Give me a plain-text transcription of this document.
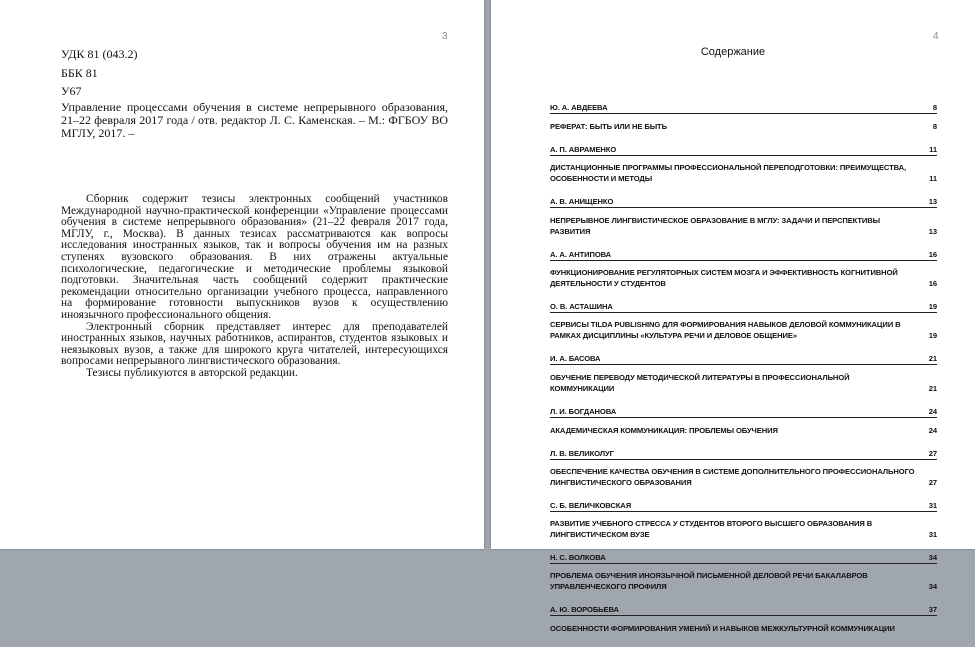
3
УДК 81 (043.2)
ББК 81
У67
Управление процессами обучения в системе непрерывного образования, 21–22 февраля 2017 года / отв. редактор Л. С. Каменская. – М.: ФГБОУ ВО МГЛУ, 2017. –

Сборник содержит тезисы электронных сообщений участников Международной научно-практической конференции «Управление процессами обучения в системе непрерывного образования» (21–22 февраля 2017 года, МГЛУ, г., Москва). В данных тезисах рассматриваются как вопросы исследования иностранных языков, так и вопросы обучения им на разных ступенях вузовского образования. В них отражены актуальные психологические, педагогические и методические проблемы языковой подготовки. Значительная часть сообщений содержит практические рекомендации относительно организации учебного процесса, направленного на формирование готовности выпускников вузов к осуществлению иноязычного профессионального общения.

Электронный сборник представляет интерес для преподавателей иностранных языков, научных работников, аспирантов, студентов языковых и неязыковых вузов, а также для широкого круга читателей, интересующихся вопросами непрерывного лингвистического образования.

Тезисы публикуются в авторской редакции.

4
Содержание
Ю. А. АВДЕЕВА	8
РЕФЕРАТ: БЫТЬ ИЛИ НЕ БЫТЬ	8
А. П. АВРАМЕНКО	11
ДИСТАНЦИОННЫЕ ПРОГРАММЫ ПРОФЕССИОНАЛЬНОЙ ПЕРЕПОДГОТОВКИ: ПРЕИМУЩЕСТВА, ОСОБЕННОСТИ И МЕТОДЫ	11
А. В. АНИЩЕНКО	13
НЕПРЕРЫВНОЕ ЛИНГВИСТИЧЕСКОЕ ОБРАЗОВАНИЕ В МГЛУ: ЗАДАЧИ И ПЕРСПЕКТИВЫ РАЗВИТИЯ	13
А. А. АНТИПОВА	16
ФУНКЦИОНИРОВАНИЕ РЕГУЛЯТОРНЫХ СИСТЕМ МОЗГА И ЭФФЕКТИВНОСТЬ КОГНИТИВНОЙ ДЕЯТЕЛЬНОСТИ У СТУДЕНТОВ	16
О. В. АСТАШИНА	19
СЕРВИСЫ TILDA PUBLISHING ДЛЯ ФОРМИРОВАНИЯ НАВЫКОВ ДЕЛОВОЙ КОММУНИКАЦИИ В РАМКАХ ДИСЦИПЛИНЫ «КУЛЬТУРА РЕЧИ И ДЕЛОВОЕ ОБЩЕНИЕ»	19
И. А. БАСОВА	21
ОБУЧЕНИЕ ПЕРЕВОДУ МЕТОДИЧЕСКОЙ ЛИТЕРАТУРЫ В ПРОФЕССИОНАЛЬНОЙ КОММУНИКАЦИИ	21
Л. И. БОГДАНОВА	24
АКАДЕМИЧЕСКАЯ КОММУНИКАЦИЯ: ПРОБЛЕМЫ ОБУЧЕНИЯ	24
Л. В. ВЕЛИКОЛУГ	27
ОБЕСПЕЧЕНИЕ КАЧЕСТВА ОБУЧЕНИЯ В СИСТЕМЕ ДОПОЛНИТЕЛЬНОГО ПРОФЕССИОНАЛЬНОГО ЛИНГВИСТИЧЕСКОГО ОБРАЗОВАНИЯ	27
С. Б. ВЕЛИЧКОВСКАЯ	31
РАЗВИТИЕ УЧЕБНОГО СТРЕССА У СТУДЕНТОВ ВТОРОГО ВЫСШЕГО ОБРАЗОВАНИЯ В ЛИНГВИСТИЧЕСКОМ ВУЗЕ	31
Н. С. ВОЛКОВА	34
ПРОБЛЕМА ОБУЧЕНИЯ ИНОЯЗЫЧНОЙ ПИСЬМЕННОЙ ДЕЛОВОЙ РЕЧИ БАКАЛАВРОВ УПРАВЛЕНЧЕСКОГО ПРОФИЛЯ	34
А. Ю. ВОРОБЬЕВА	37
ОСОБЕННОСТИ ФОРМИРОВАНИЯ УМЕНИЙ И НАВЫКОВ МЕЖКУЛЬТУРНОЙ КОММУНИКАЦИИ
